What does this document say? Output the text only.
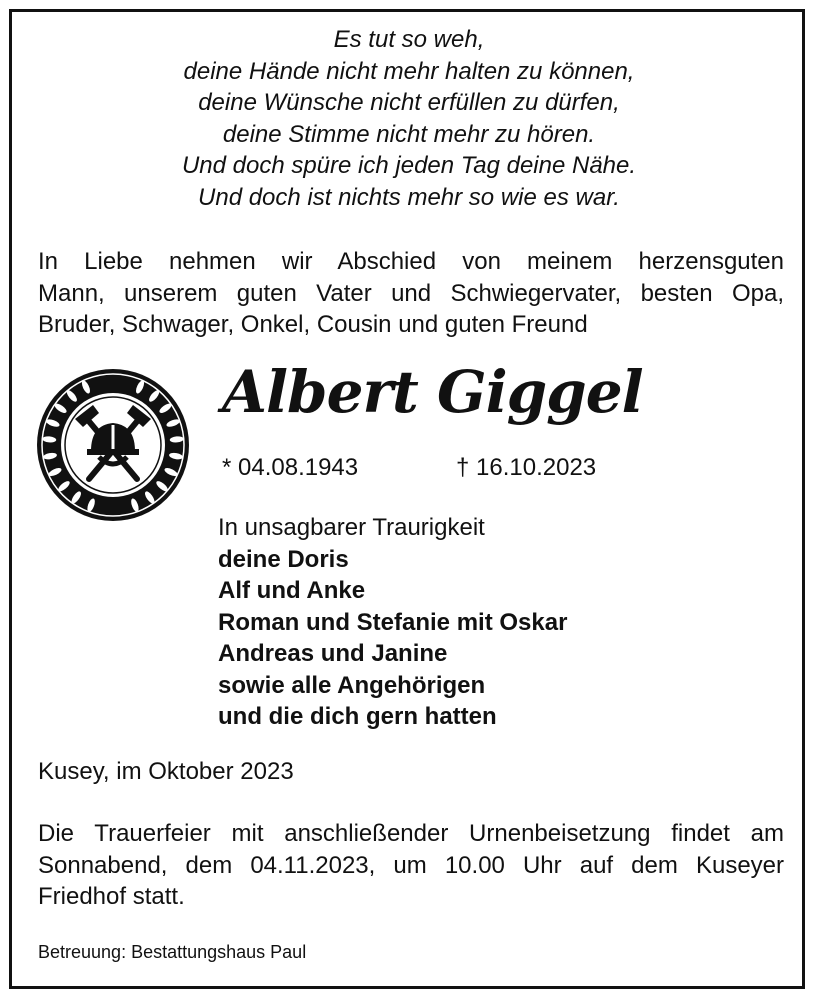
Es tut so weh,
deine Hände nicht mehr halten zu können,
deine Wünsche nicht erfüllen zu dürfen,
deine Stimme nicht mehr zu hören.
Und doch spüre ich jeden Tag deine Nähe.
Und doch ist nichts mehr so wie es war.
In Liebe nehmen wir Abschied von meinem herzensguten
Mann, unserem guten Vater und Schwiegervater, besten Opa,
Bruder, Schwager, Onkel, Cousin und guten Freund
Albert Giggel
* 04.08.1943	† 16.10.2023
In unsagbarer Traurigkeit
deine Doris
Alf und Anke
Roman und Stefanie mit Oskar
Andreas und Janine
sowie alle Angehörigen
und die dich gern hatten
Kusey, im Oktober 2023
Die Trauerfeier mit anschließender Urnenbeisetzung findet am
Sonnabend, dem 04.11.2023, um 10.00 Uhr auf dem Kuseyer
Friedhof statt.
Betreuung: Bestattungshaus Paul
